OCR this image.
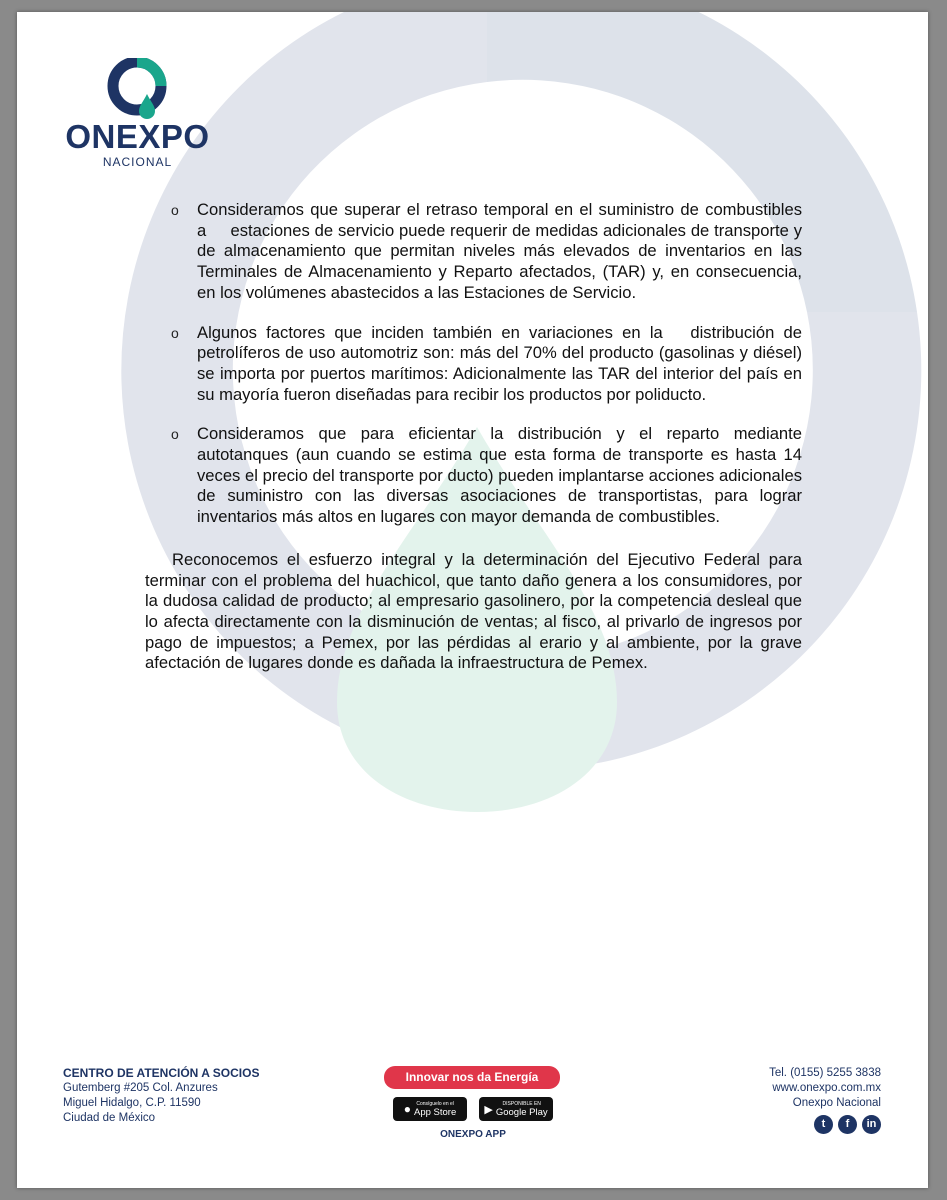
ONEXPO
NACIONAL
o Consideramos que superar el retraso temporal en el suministro de combustibles a     estaciones de servicio puede requerir de medidas adicionales de transporte y de almacenamiento que permitan niveles más elevados de inventarios en las Terminales de Almacenamiento y Reparto afectados, (TAR) y, en consecuencia, en los volúmenes abastecidos a las Estaciones de Servicio.
o Algunos factores que inciden también en variaciones en la   distribución de petrolíferos de uso automotriz son: más del 70% del producto (gasolinas y diésel) se importa por puertos marítimos: Adicionalmente las TAR del interior del país en su mayoría fueron diseñadas para recibir los productos por poliducto.
o Consideramos que para eficientar la distribución y el reparto mediante autotanques (aun cuando se estima que esta forma de transporte es hasta 14 veces el precio del transporte por ducto) pueden implantarse acciones adicionales de suministro con las diversas asociaciones de transportistas, para lograr inventarios más altos en lugares con mayor demanda de combustibles.
Reconocemos el esfuerzo integral y la determinación del Ejecutivo Federal para terminar con el problema del huachicol, que tanto daño genera a los consumidores, por la dudosa calidad de producto; al empresario gasolinero, por la competencia desleal que lo afecta directamente con la disminución de ventas; al fisco, al privarlo de ingresos por pago de impuestos; a Pemex, por las pérdidas al erario y al ambiente, por la grave afectación de lugares donde es dañada la infraestructura de Pemex.
CENTRO DE ATENCIÓN A SOCIOS
Gutemberg #205 Col. Anzures
Miguel Hidalgo, C.P. 11590
Ciudad de México
Innovar nos da Energía
●	Consíguelo en el
App Store	▶	DISPONIBLE EN
Google Play
ONEXPO APP
Tel. (0155) 5255 3838
www.onexpo.com.mx
Onexpo Nacional
t	f	in
